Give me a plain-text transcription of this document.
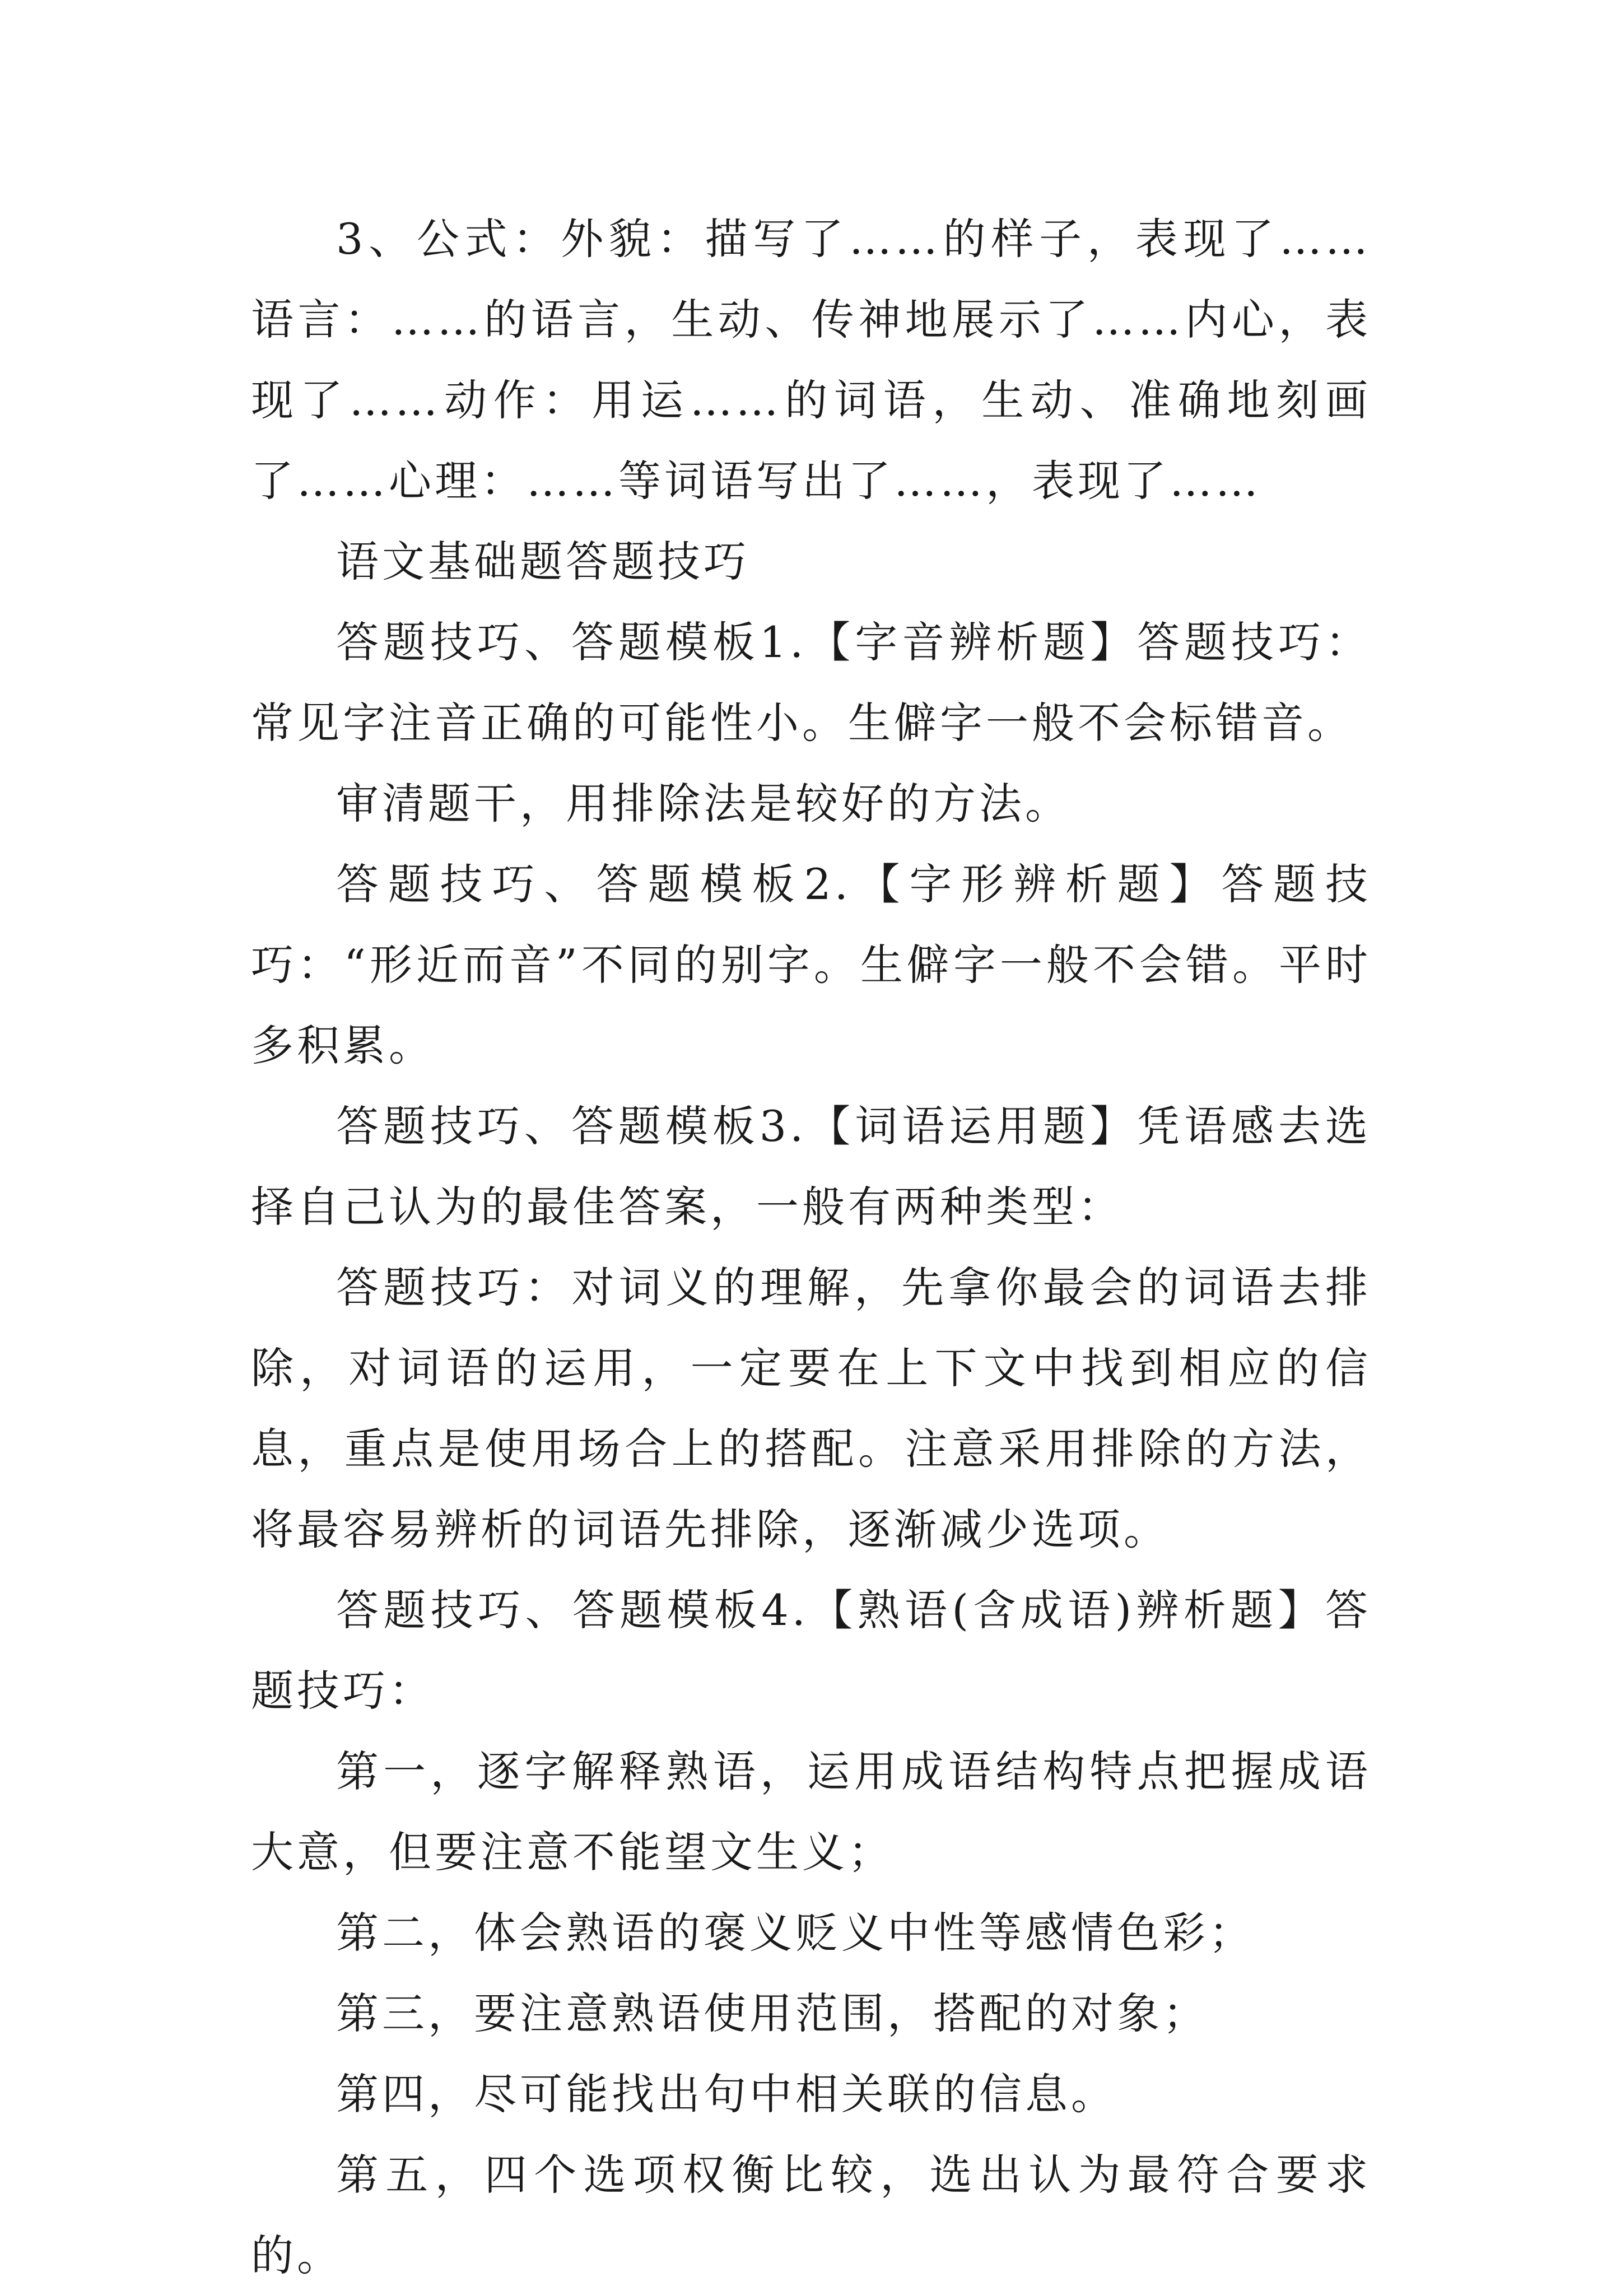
3、公式：外貌：描写了……的样子，表现了……语言：……的语言，生动、传神地展示了……内心，表现了……动作：用运……的词语，生动、准确地刻画了……心理：……等词语写出了……，表现了……

语文基础题答题技巧

答题技巧、答题模板1.【字音辨析题】答题技巧：常见字注音正确的可能性小。生僻字一般不会标错音。

审清题干，用排除法是较好的方法。

答题技巧、答题模板2.【字形辨析题】答题技巧：“形近而音”不同的别字。生僻字一般不会错。平时多积累。

答题技巧、答题模板3.【词语运用题】凭语感去选择自己认为的最佳答案，一般有两种类型：

答题技巧：对词义的理解，先拿你最会的词语去排除，对词语的运用，一定要在上下文中找到相应的信息，重点是使用场合上的搭配。注意采用排除的方法，将最容易辨析的词语先排除，逐渐减少选项。

答题技巧、答题模板4.【熟语(含成语)辨析题】答题技巧：

第一，逐字解释熟语，运用成语结构特点把握成语大意，但要注意不能望文生义；

第二，体会熟语的褒义贬义中性等感情色彩；

第三，要注意熟语使用范围，搭配的对象；

第四，尽可能找出句中相关联的信息。

第五，四个选项权衡比较，选出认为最符合要求的。
